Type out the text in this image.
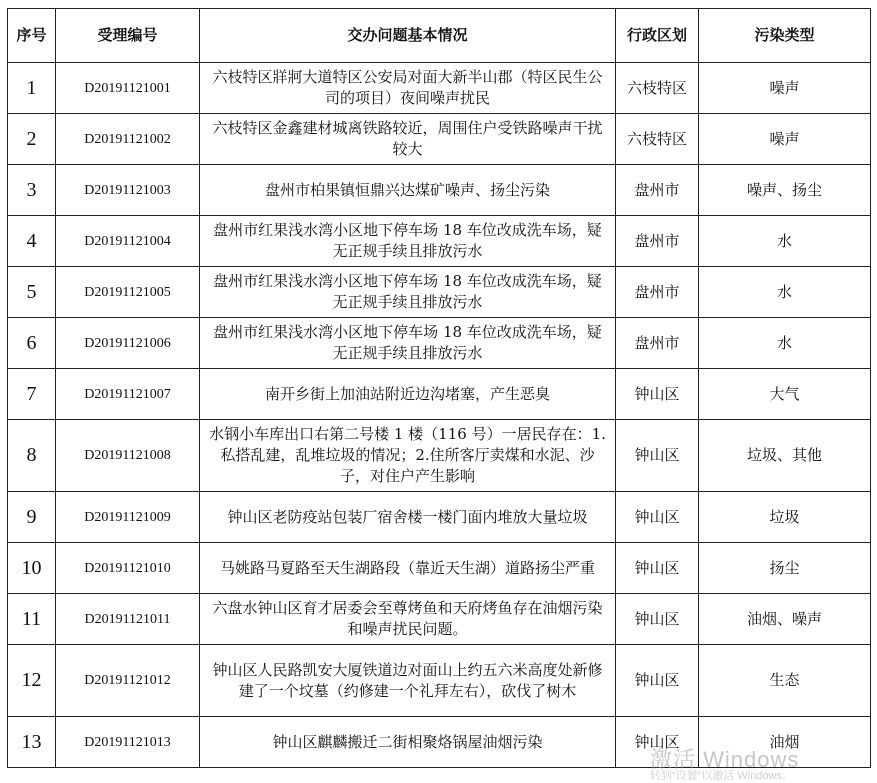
序号	受理编号	交办问题基本情况	行政区划	污染类型
1	D20191121001	六枝特区牂牁大道特区公安局对面大新半山郡（特区民生公司的项目）夜间噪声扰民	六枝特区	噪声
2	D20191121002	六枝特区金鑫建材城离铁路较近，周围住户受铁路噪声干扰较大	六枝特区	噪声
3	D20191121003	盘州市柏果镇恒鼎兴达煤矿噪声、扬尘污染	盘州市	噪声、扬尘
4	D20191121004	盘州市红果浅水湾小区地下停车场 18 车位改成洗车场，疑无正规手续且排放污水	盘州市	水
5	D20191121005	盘州市红果浅水湾小区地下停车场 18 车位改成洗车场，疑无正规手续且排放污水	盘州市	水
6	D20191121006	盘州市红果浅水湾小区地下停车场 18 车位改成洗车场，疑无正规手续且排放污水	盘州市	水
7	D20191121007	南开乡街上加油站附近边沟堵塞，产生恶臭	钟山区	大气
8	D20191121008	水钢小车库出口右第二号楼 1 楼（116 号）一居民存在：1.私搭乱建，乱堆垃圾的情况；2.住所客厅卖煤和水泥、沙子，对住户产生影响	钟山区	垃圾、其他
9	D20191121009	钟山区老防疫站包装厂宿舍楼一楼门面内堆放大量垃圾	钟山区	垃圾
10	D20191121010	马姚路马夏路至天生湖路段（靠近天生湖）道路扬尘严重	钟山区	扬尘
11	D20191121011	六盘水钟山区育才居委会至尊烤鱼和天府烤鱼存在油烟污染和噪声扰民问题。	钟山区	油烟、噪声
12	D20191121012	钟山区人民路凯安大厦铁道边对面山上约五六米高度处新修建了一个坟墓（约修建一个礼拜左右），砍伐了树木	钟山区	生态
13	D20191121013	钟山区麒麟搬迁二街相聚烙锅屋油烟污染	钟山区	油烟
激活 Windows
转到“设置”以激活 Windows。
